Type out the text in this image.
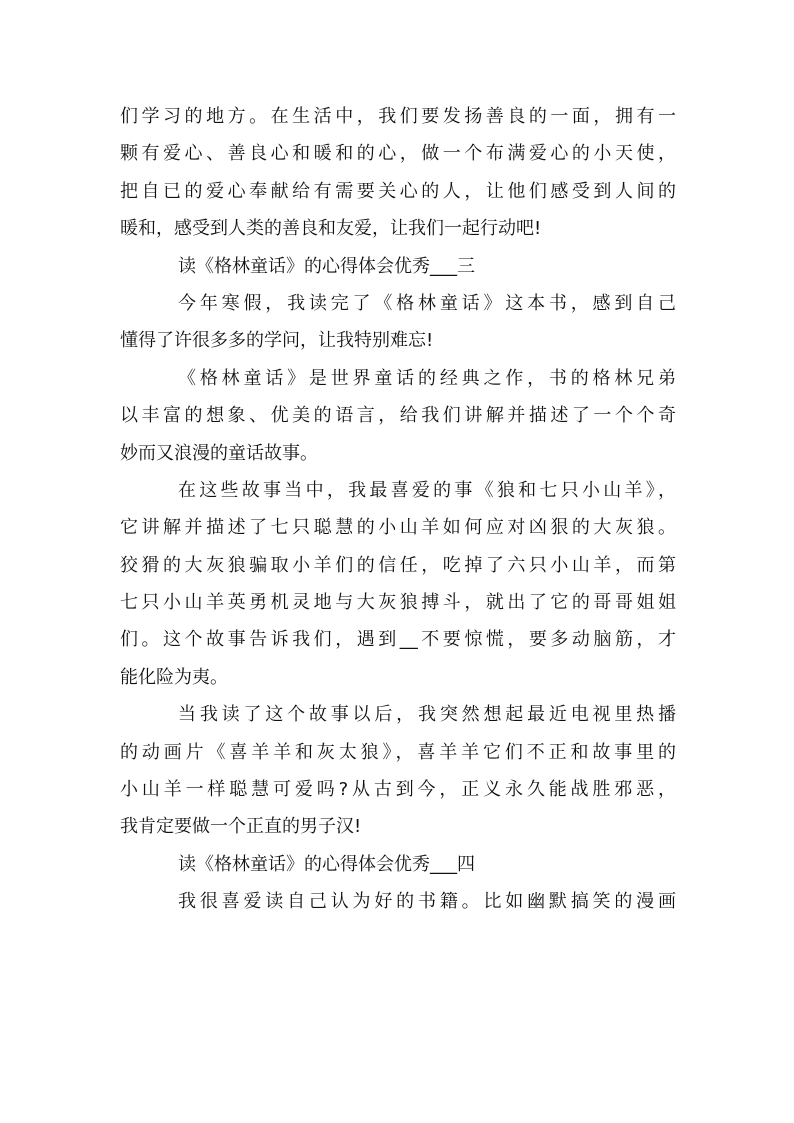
们学习的地方。在生活中，我们要发扬善良的一面，拥有一
颗有爱心、善良心和暖和的心，做一个布满爱心的小天使，
把自已的爱心奉献给有需要关心的人，让他们感受到人间的
暖和，感受到人类的善良和友爱，让我们一起行动吧!
读《格林童话》的心得体会优秀___三
今年寒假，我读完了《格林童话》这本书，感到自己
懂得了许很多多的学问，让我特别难忘!
《格林童话》是世界童话的经典之作，书的格林兄弟
以丰富的想象、优美的语言，给我们讲解并描述了一个个奇
妙而又浪漫的童话故事。
在这些故事当中，我最喜爱的事《狼和七只小山羊》，
它讲解并描述了七只聪慧的小山羊如何应对凶狠的大灰狼。
狡猾的大灰狼骗取小羊们的信任，吃掉了六只小山羊，而第
七只小山羊英勇机灵地与大灰狼搏斗，就出了它的哥哥姐姐
们。这个故事告诉我们，遇到__不要惊慌，要多动脑筋，才
能化险为夷。
当我读了这个故事以后，我突然想起最近电视里热播
的动画片《喜羊羊和灰太狼》，喜羊羊它们不正和故事里的
小山羊一样聪慧可爱吗?从古到今，正义永久能战胜邪恶，
我肯定要做一个正直的男子汉!
读《格林童话》的心得体会优秀___四
我很喜爱读自己认为好的书籍。比如幽默搞笑的漫画
